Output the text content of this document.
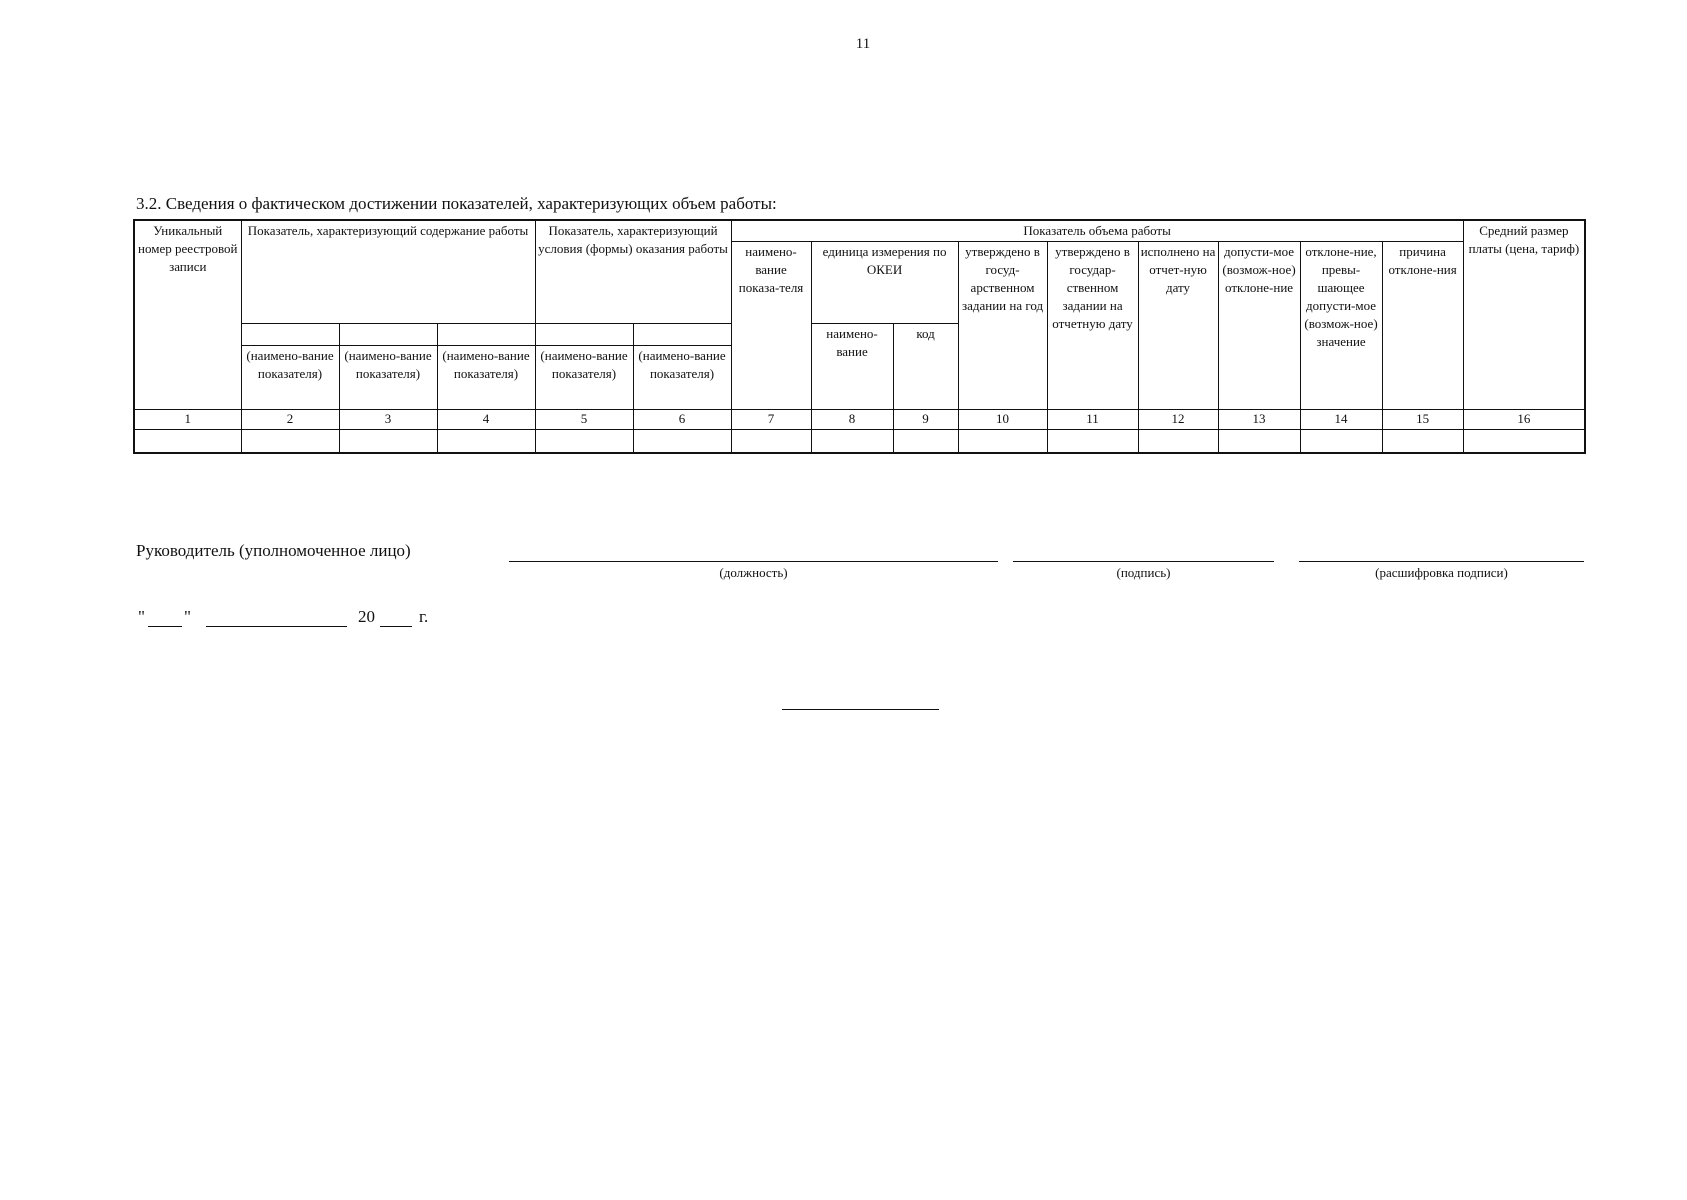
11
3.2. Сведения о фактическом достижении показателей, характеризующих объем работы:
Уникальный номер реестровой записи	Показатель, характеризующий содержание работы			Показатель, характеризующий условия (формы) оказания работы		Показатель объема работы									Средний размер платы (цена, тариф)
						наимено-вание показа-теля	единица измерения по ОКЕИ		утверждено в госуд-арственном задании на год	утверждено в государ-ственном задании на отчетную дату	исполнено на отчет-ную дату	допусти-мое (возмож-ное) отклоне-ние	отклоне-ние, превы-шающее допусти-мое (возмож-ное) значение	причина отклоне-ния	
							наимено-вание	код							
	(наимено-вание показателя)	(наимено-вание показателя)	(наимено-вание показателя)	(наимено-вание показателя)	(наимено-вание показателя)										
1	2	3	4	5	6	7	8	9	10	11	12	13	14	15	16

Руководитель (уполномоченное лицо)
(должность)	(подпись)	(расшифровка подписи)
" "	20	г.
